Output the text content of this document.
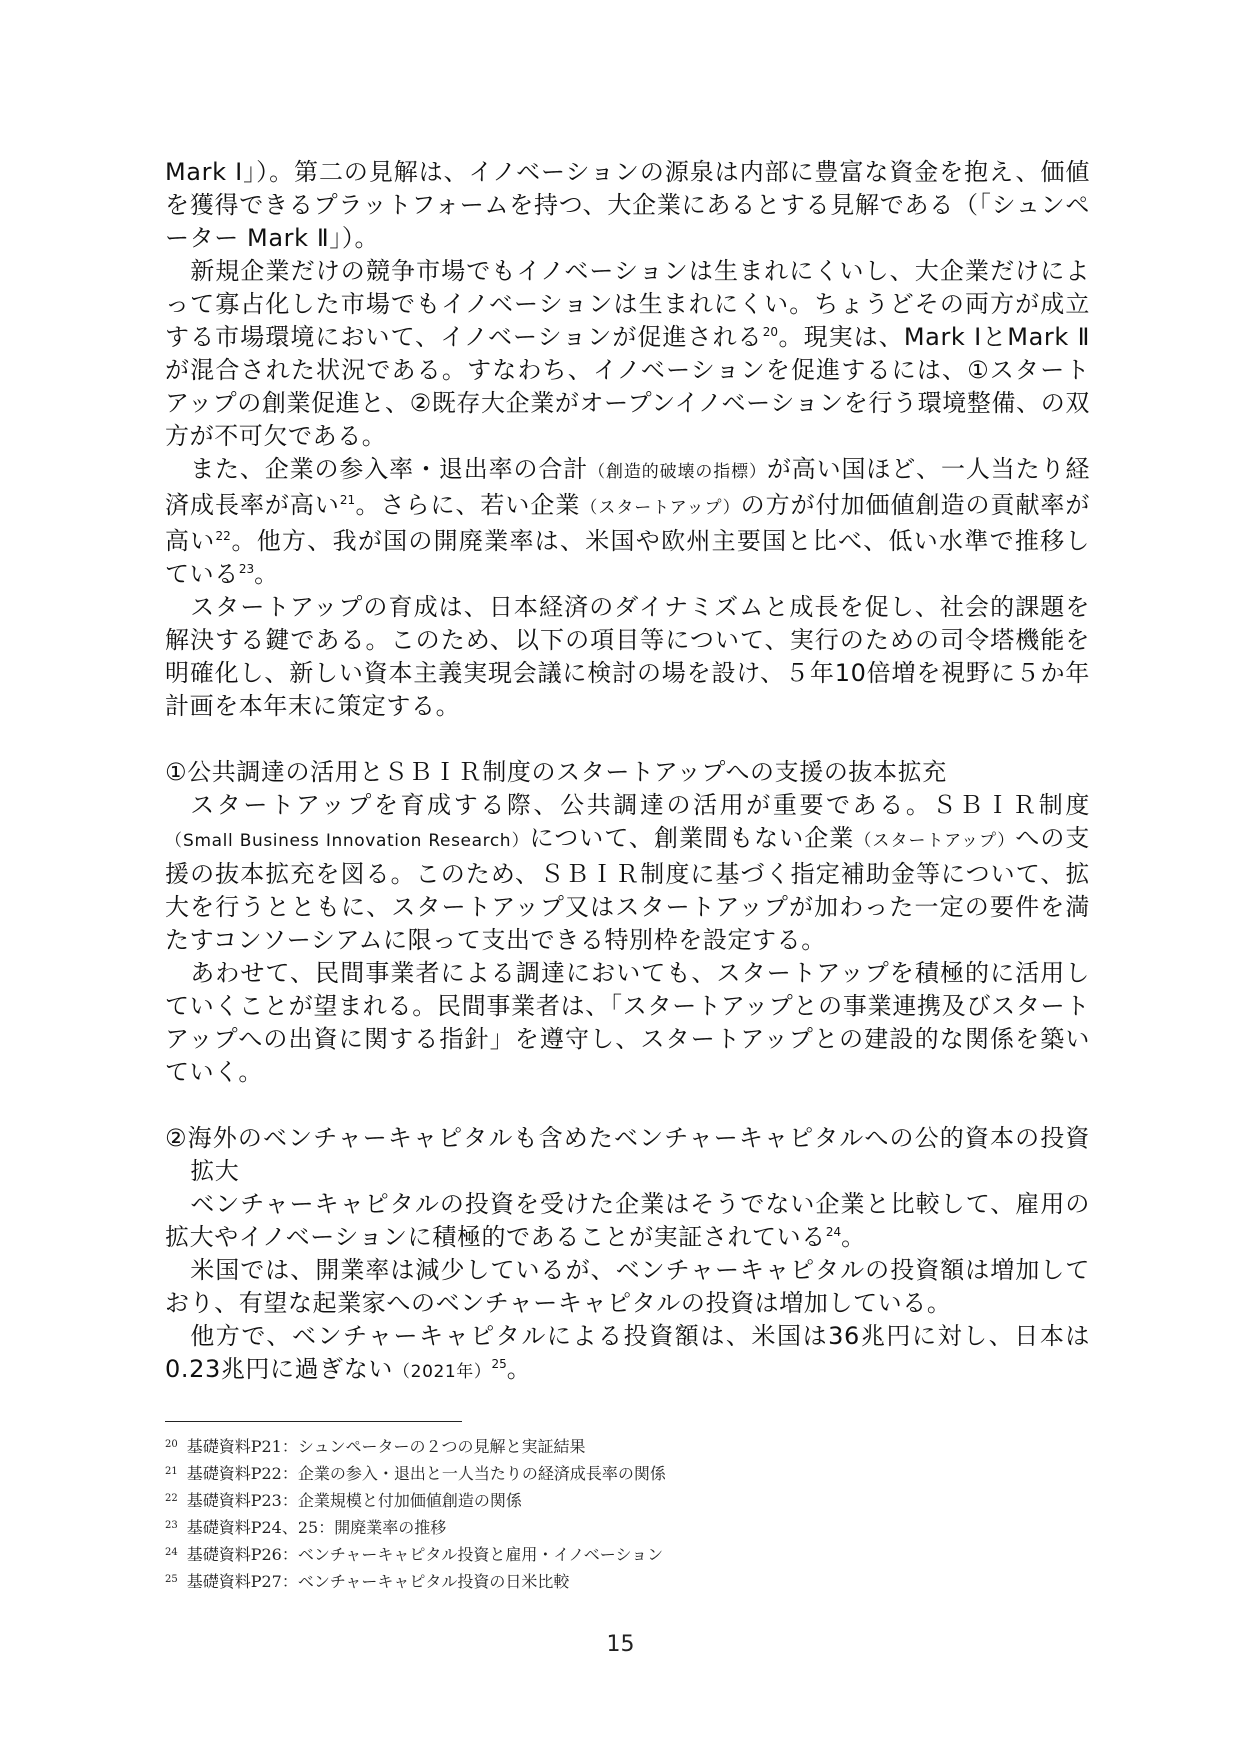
Mark Ⅰ」）。第二の見解は、イノベーションの源泉は内部に豊富な資金を抱え、価値を獲得できるプラットフォームを持つ、大企業にあるとする見解である（「シュンペーター Mark Ⅱ」）。

新規企業だけの競争市場でもイノベーションは生まれにくいし、大企業だけによって寡占化した市場でもイノベーションは生まれにくい。ちょうどその両方が成立する市場環境において、イノベーションが促進される$^{20}$。現実は、Mark ⅠとMark Ⅱが混合された状況である。すなわち、イノベーションを促進するには、①スタートアップの創業促進と、②既存大企業がオープンイノベーションを行う環境整備、の双方が不可欠である。

また、企業の参入率・退出率の合計（創造的破壊の指標）が高い国ほど、一人当たり経済成長率が高い$^{21}$。さらに、若い企業（スタートアップ）の方が付加価値創造の貢献率が高い$^{22}$。他方、我が国の開廃業率は、米国や欧州主要国と比べ、低い水準で推移している$^{23}$。

スタートアップの育成は、日本経済のダイナミズムと成長を促し、社会的課題を解決する鍵である。このため、以下の項目等について、実行のための司令塔機能を明確化し、新しい資本主義実現会議に検討の場を設け、５年10倍増を視野に５か年計画を本年末に策定する。

①公共調達の活用とＳＢＩＲ制度のスタートアップへの支援の抜本拡充

スタートアップを育成する際、公共調達の活用が重要である。ＳＢＩＲ制度（Small Business Innovation Research）について、創業間もない企業（スタートアップ）への支援の抜本拡充を図る。このため、ＳＢＩＲ制度に基づく指定補助金等について、拡大を行うとともに、スタートアップ又はスタートアップが加わった一定の要件を満たすコンソーシアムに限って支出できる特別枠を設定する。

あわせて、民間事業者による調達においても、スタートアップを積極的に活用していくことが望まれる。民間事業者は、「スタートアップとの事業連携及びスタートアップへの出資に関する指針」を遵守し、スタートアップとの建設的な関係を築いていく。

②海外のベンチャーキャピタルも含めたベンチャーキャピタルへの公的資本の投資拡大

ベンチャーキャピタルの投資を受けた企業はそうでない企業と比較して、雇用の拡大やイノベーションに積極的であることが実証されている$^{24}$。

米国では、開業率は減少しているが、ベンチャーキャピタルの投資額は増加しており、有望な起業家へのベンチャーキャピタルの投資は増加している。

他方で、ベンチャーキャピタルによる投資額は、米国は36兆円に対し、日本は0.23兆円に過ぎない（2021年）$^{25}$。

$^{20}$ 基礎資料P21：シュンペーターの２つの見解と実証結果
$^{21}$ 基礎資料P22：企業の参入・退出と一人当たりの経済成長率の関係
$^{22}$ 基礎資料P23：企業規模と付加価値創造の関係
$^{23}$ 基礎資料P24、25：開廃業率の推移
$^{24}$ 基礎資料P26：ベンチャーキャピタル投資と雇用・イノベーション
$^{25}$ 基礎資料P27：ベンチャーキャピタル投資の日米比較
15
